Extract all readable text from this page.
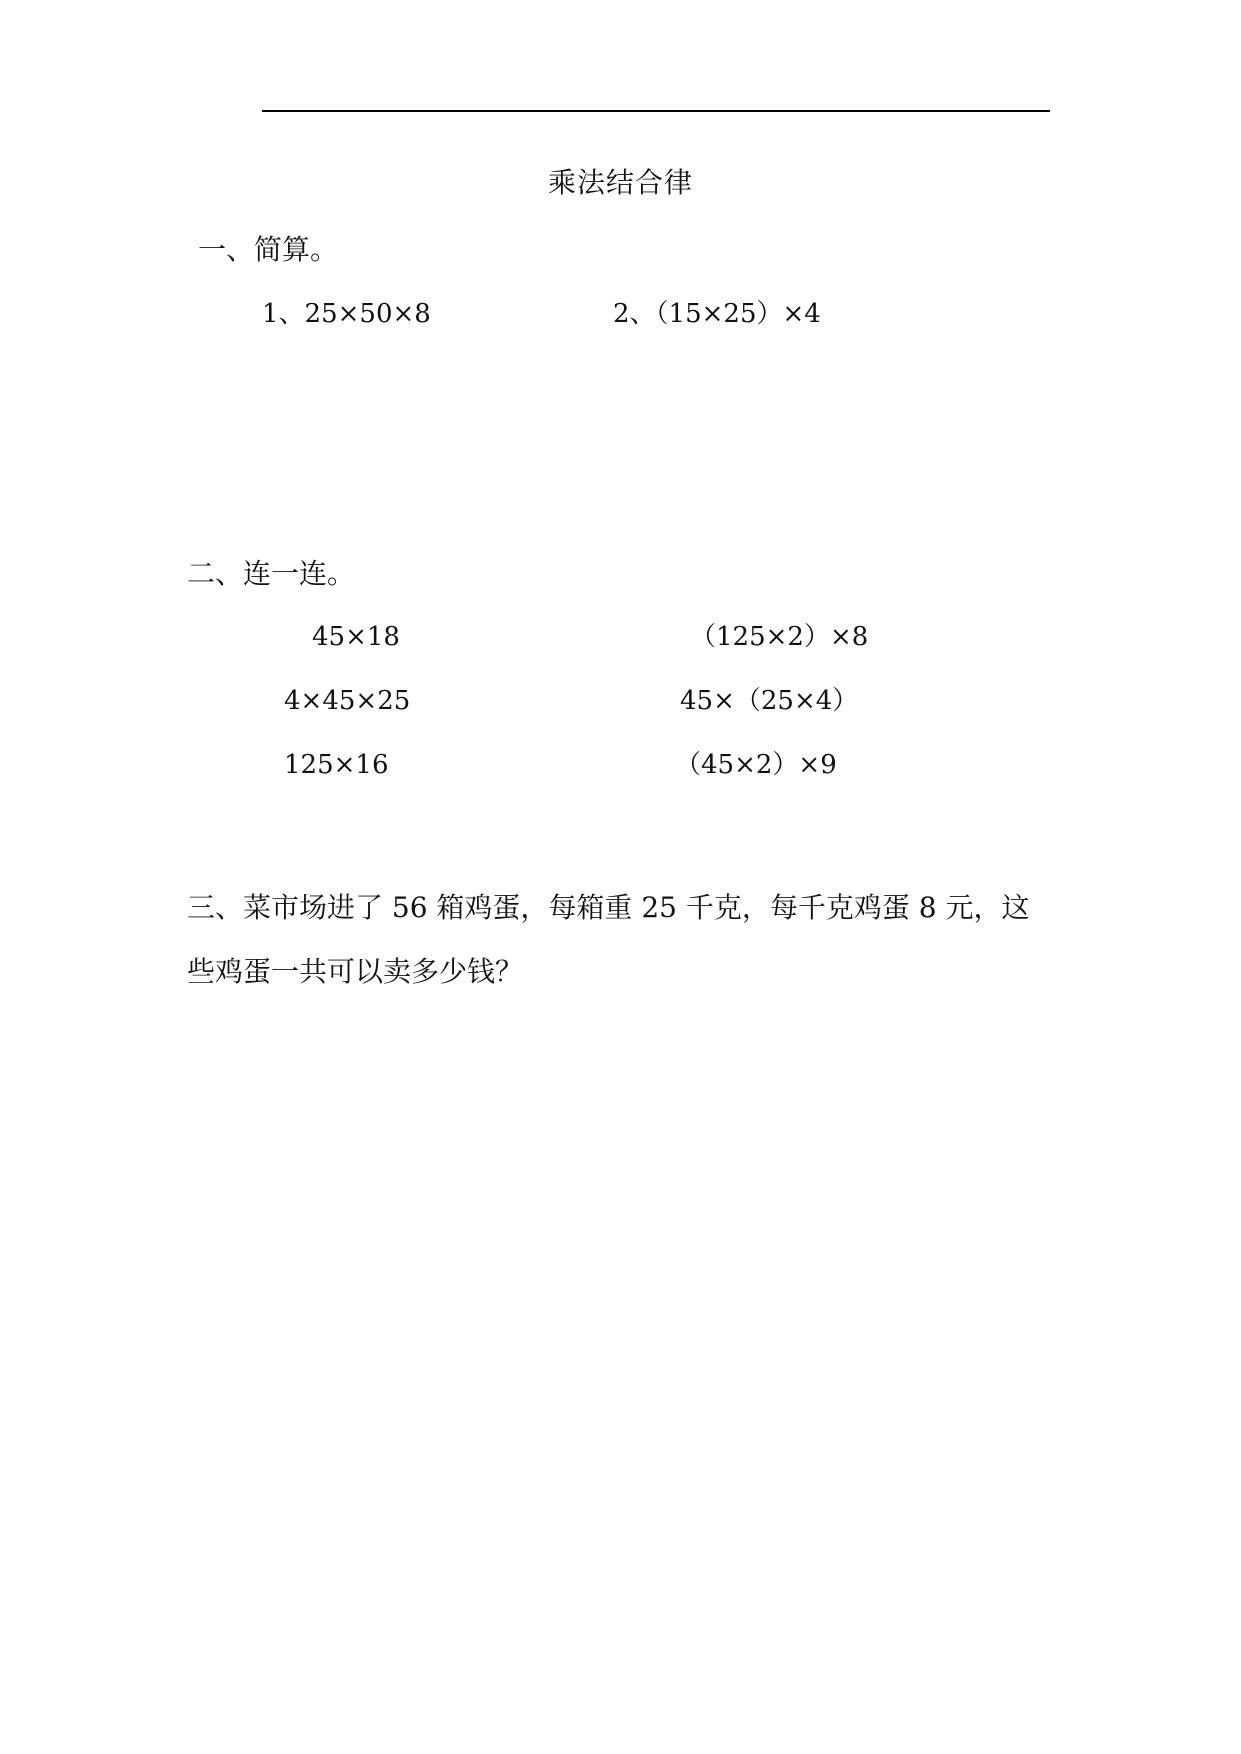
乘法结合律
一、简算。
1、25×50×8	2、（15×25）×4
二、连一连。
45×18
4×45×25
125×16
（125×2）×8
45×（25×4）
（45×2）×9
三、菜市场进了 56 箱鸡蛋，每箱重 25 千克，每千克鸡蛋 8 元，这些鸡蛋一共可以卖多少钱？
